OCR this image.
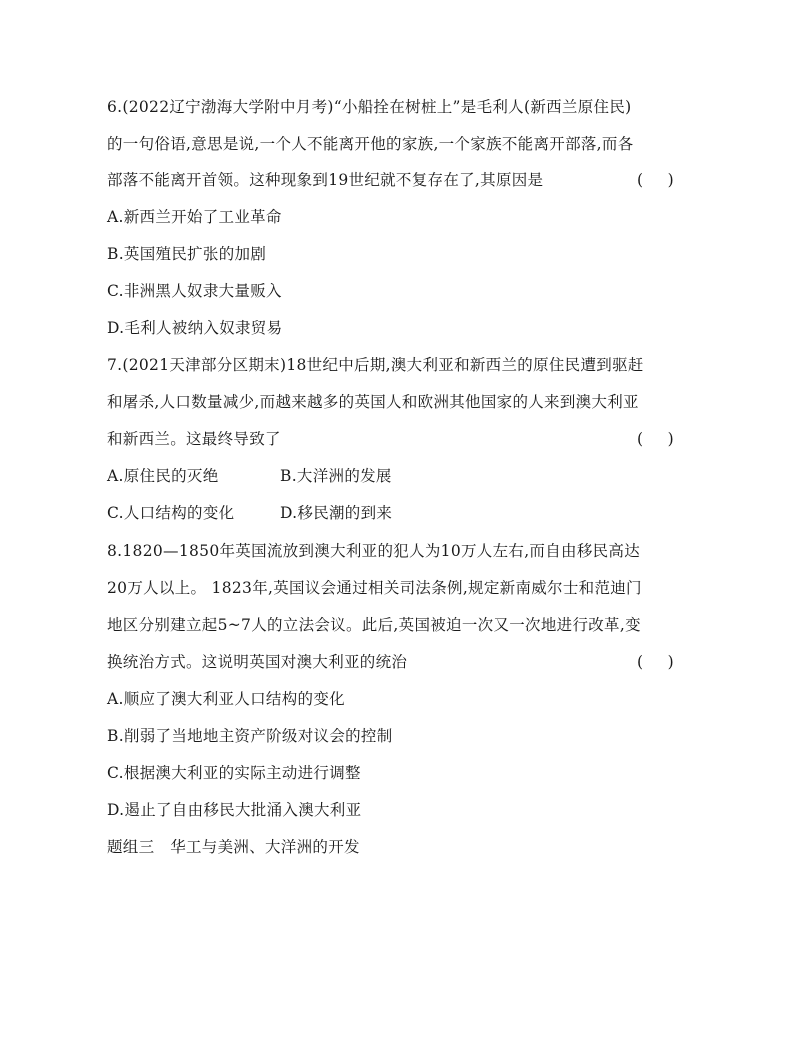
6.(2022辽宁渤海大学附中月考)“小船拴在树桩上”是毛利人(新西兰原住民)
的一句俗语,意思是说,一个人不能离开他的家族,一个家族不能离开部落,而各
部落不能离开首领。这种现象到19世纪就不复存在了,其原因是	(     )
A.新西兰开始了工业革命
B.英国殖民扩张的加剧
C.非洲黑人奴隶大量贩入
D.毛利人被纳入奴隶贸易
7.(2021天津部分区期末)18世纪中后期,澳大利亚和新西兰的原住民遭到驱赶
和屠杀,人口数量减少,而越来越多的英国人和欧洲其他国家的人来到澳大利亚
和新西兰。这最终导致了	(     )
A.原住民的灭绝	B.大洋洲的发展
C.人口结构的变化	D.移民潮的到来
8.1820—1850年英国流放到澳大利亚的犯人为10万人左右,而自由移民高达
20万人以上。 1823年,英国议会通过相关司法条例,规定新南威尔士和范迪门
地区分别建立起5~7人的立法会议。此后,英国被迫一次又一次地进行改革,变
换统治方式。这说明英国对澳大利亚的统治	(     )
A.顺应了澳大利亚人口结构的变化
B.削弱了当地地主资产阶级对议会的控制
C.根据澳大利亚的实际主动进行调整
D.遏止了自由移民大批涌入澳大利亚
题组三　华工与美洲、大洋洲的开发
